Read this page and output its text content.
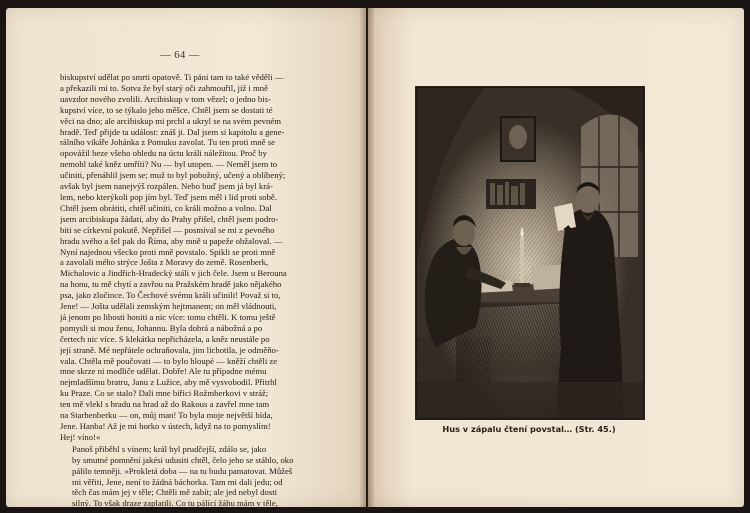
— 64 —

biskupství udělat po smrti opatově. Ti páni tam to také věděli —
a překazili mi to. Sotva že byl starý oči zahmouřil, již i mně
uavzdor nového zvolili. Arcibiskup v tom vězel; o jedno bis-
kupství více, to se týkalo jeho měšce. Chtěl jsem se dostati té
věci na dno; ale arcibiskup mi prchl a ukryl se na svém pevném
hradě. Teď přijde ta událost: znáš ji. Dal jsem si kapitolu a gene-
rálního vikáře Johánka z Pomuku zavolat. Tu ten proti mně se
opovážil beze všeho ohledu na úctu králi náležitou. Proč by
nemohl také kněz umříti? Nu — byl utopen. — Neměl jsem to
učiniti, přenáhlil jsem se; muž to byl pobožný, učený a oblíbený;
avšak byl jsem nanejvýš rozpálen. Nebo buď jsem já byl krá-
lem, nebo kterýkoli pop jím byl. Teď jsem měl i lid proti sobě.
Chtěl jsem obrátiti, chtěl učiniti, co králi možno a volno. Dal
jsem arcibiskupa žádati, aby do Prahy přišel, chtěl jsem podro-
biti se církevní pokutě. Nepřišel — posmíval se mi z pevného
hradu svého a šel pak do Říma, aby mně u papeže obžaloval. —
Nyní najednou všecko proti mně povstalo. Spikli se proti mně
a zavolali mého strýce Jošta z Moravy do země. Rosenberk,
Michalovic a Jindřich-Hradecký stáli v jich čele. Jsem u Berouna
na honu, tu mě chytí a zavřou na Pražském hradě jako nějakého
psa, jako zločince. To Čechové svému králi učinili! Považ si to,
Jene! — Jošta udělali zemským hejtmanem; on měl vládnouti,
já jenom po libosti honiti a nic více: tomu chtěli. K tomu ještě
pomysli si mou ženu, Johannu. Byla dobrá a nábožná a po
čertech nic více. S klekátka nepřicházela, a kněz neustále po
její straně. Mé nepřátele ochraňovala, jim lichotila, je odměňo-
vala. Chtěla mě poučovati — to bylo hloupé — kněží chtěli ze
mne skrze ni modliče udělat. Dobře! Ale tu případne mému
nejmladšímu bratru, Janu z Lužice, aby mě vysvobodil. Přitrhl
ku Praze. Co se stalo? Dali mne biřici Rožmberkovi v stráž;
ten mě vlekl s hradu na hrad až do Rakous a zavřel mne tam
na Starhenberku — on, můj man! To byla moje největší bída,
Jene. Hanba! Až je mi horko v ústech, když na to pomyslím!
Hej! víno!«

Panoš přiběhl s vínem; král byl prudčejší, zdálo se, jako
by smutné pomnění jakési udusiti chtěl, čelo jeho se stáhlo, oko
pálilo temněji. »Prokletá doba — na tu budu pamatovat. Můžeš
mi věřiti, Jene, není to žádná báchorka. Tam mi dali jedu; od
těch čas mám jej v těle; Chtěli mě zabít; ale jed nebyl dosti
silný. To však draze zaplatili. Co tu pálící žáhu mám v těle,

Hus v zápalu čtení povstal… (Str. 45.)
